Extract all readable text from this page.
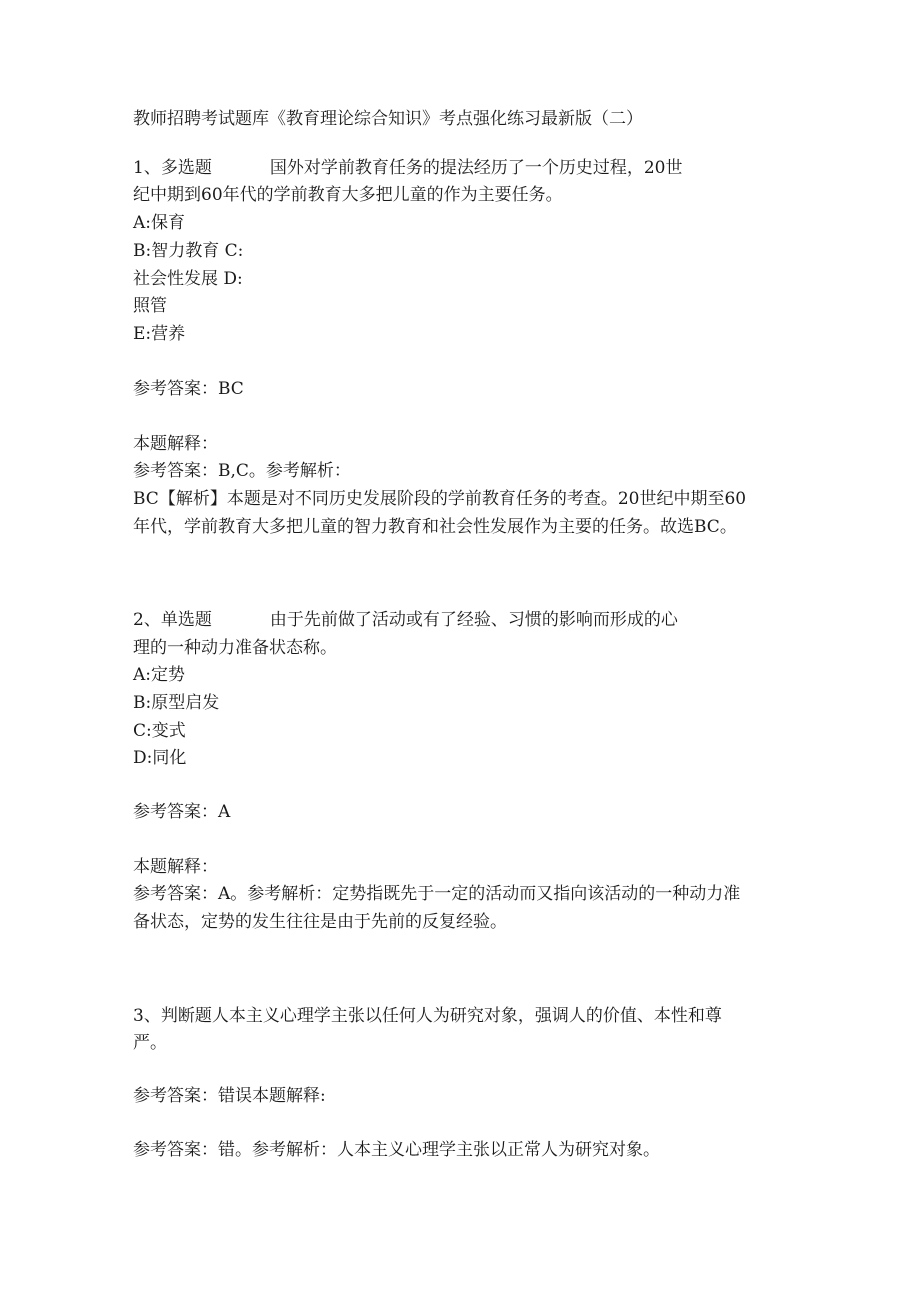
教师招聘考试题库《教育理论综合知识》考点强化练习最新版（二）
1、多选题	国外对学前教育任务的提法经历了一个历史过程，20世
纪中期到60年代的学前教育大多把儿童的作为主要任务。
A:保育
B:智力教育 C:
社会性发展 D:
照管
E:营养
参考答案：BC
本题解释：
参考答案：B,C。参考解析：
BC【解析】本题是对不同历史发展阶段的学前教育任务的考查。20世纪中期至60
年代，学前教育大多把儿童的智力教育和社会性发展作为主要的任务。故选BC。
2、单选题	由于先前做了活动或有了经验、习惯的影响而形成的心
理的一种动力准备状态称。
A:定势
B:原型启发
C:变式
D:同化
参考答案：A
本题解释：
参考答案：A。参考解析：定势指既先于一定的活动而又指向该活动的一种动力准
备状态，定势的发生往往是由于先前的反复经验。
3、判断题人本主义心理学主张以任何人为研究对象，强调人的价值、本性和尊
严。
参考答案：错误本题解释:
参考答案：错。参考解析：人本主义心理学主张以正常人为研究对象。
